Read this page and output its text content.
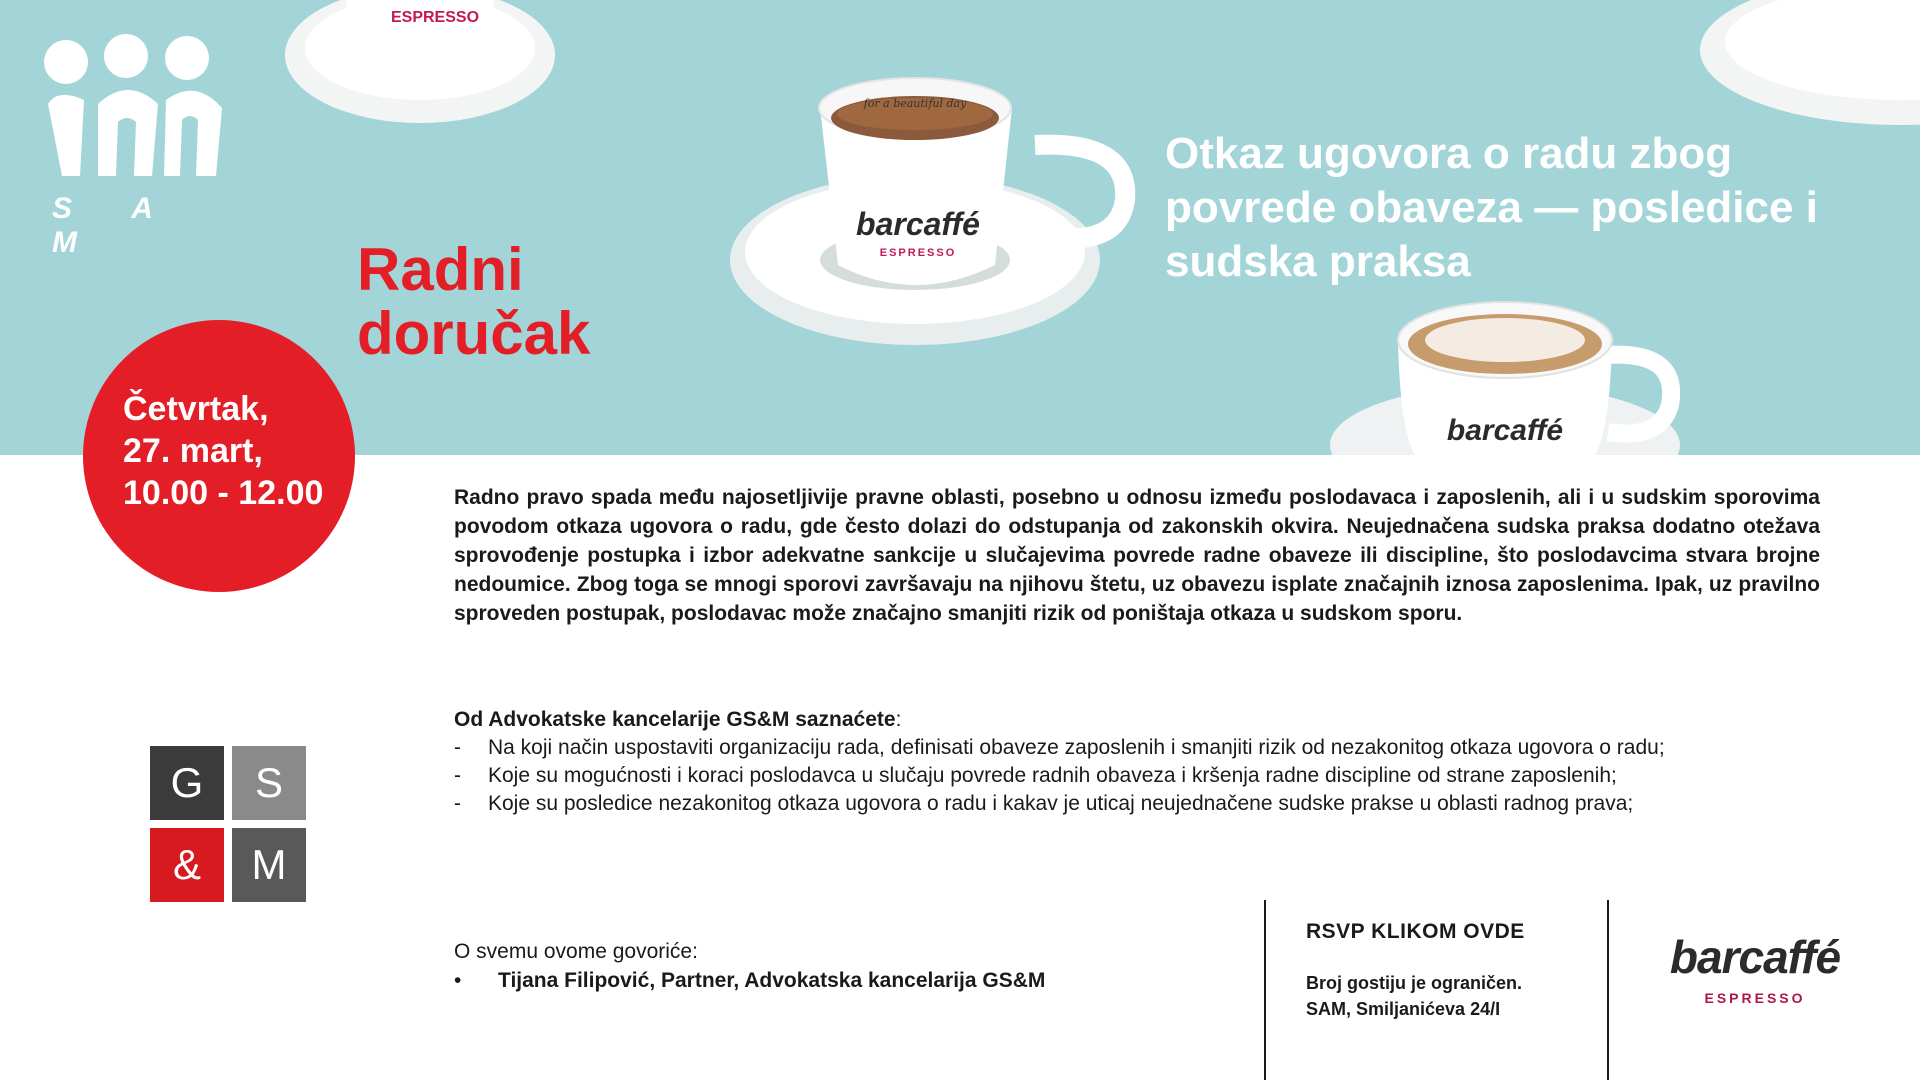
ESPRESSO
for a beautiful day
barcaffé
ESPRESSO
barcaffé
S A M
Otkaz ugovora o radu zbog povrede obaveza — posledice i sudska praksa
Radni
doručak
Četvrtak,
27. mart,
10.00 - 12.00
G	S
&	M
Radno pravo spada među najosetljivije pravne oblasti, posebno u odnosu između poslodavaca i zaposlenih, ali i u sudskim sporovima povodom otkaza ugovora o radu, gde često dolazi do odstupanja od zakonskih okvira. Neujednačena sudska praksa dodatno otežava sprovođenje postupka i izbor adekvatne sankcije u slučajevima povrede radne obaveze ili discipline, što poslodavcima stvara brojne nedoumice. Zbog toga se mnogi sporovi završavaju na njihovu štetu, uz obavezu isplate značajnih iznosa zaposlenima. Ipak, uz pravilno sproveden postupak, poslodavac može značajno smanjiti rizik od poništaja otkaza u sudskom sporu.
Od Advokatske kancelarije GS&M saznaćete:
- Na koji način uspostaviti organizaciju rada, definisati obaveze zaposlenih i smanjiti rizik od nezakonitog otkaza ugovora o radu;
- Koje su mogućnosti i koraci poslodavca u slučaju povrede radnih obaveza i kršenja radne discipline od strane zaposlenih;
- Koje su posledice nezakonitog otkaza ugovora o radu i kakav je uticaj neujednačene sudske prakse u oblasti radnog prava;
O svemu ovome govoriće:
• Tijana Filipović, Partner, Advokatska kancelarija GS&M
RSVP KLIKOM OVDE
Broj gostiju je ograničen.
SAM, Smiljanićeva 24/I
barcaffé
ESPRESSO
